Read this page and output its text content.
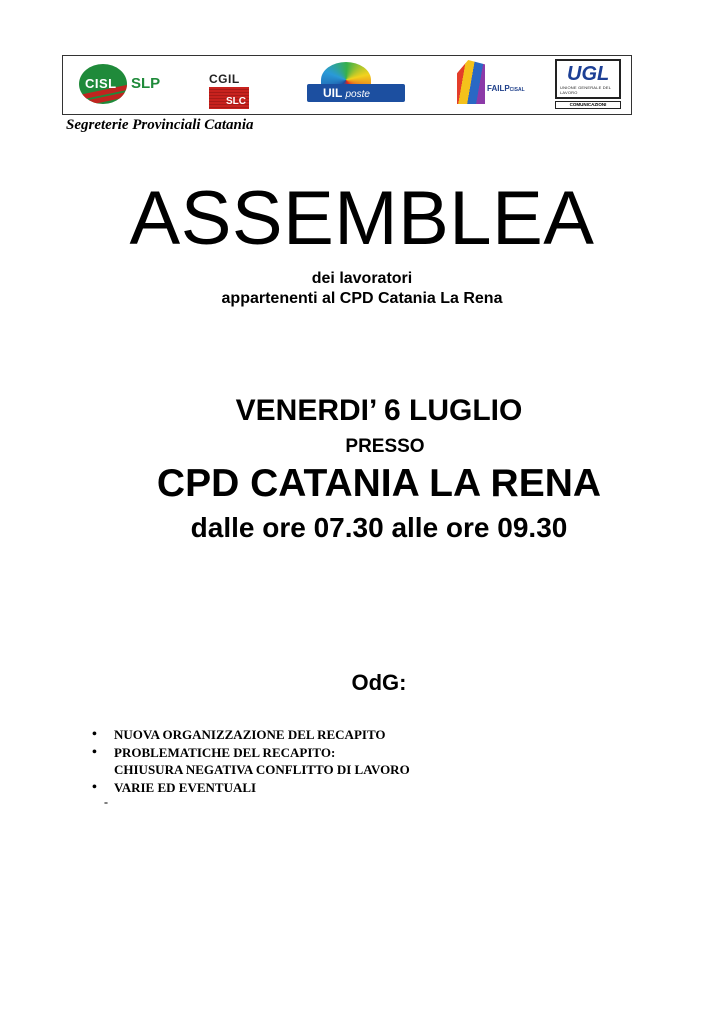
CISL SLP	CGIL
SLC
UIL poste
FAILPCISAL
UGL
UNIONE GENERALE DEL LAVORO
COMUNICAZIONI
Segreterie Provinciali Catania
ASSEMBLEA
dei lavoratori
appartenenti al CPD Catania La Rena
VENERDI’ 6 LUGLIO
PRESSO
CPD CATANIA LA RENA
dalle ore 07.30 alle ore 09.30
OdG:
• NUOVA ORGANIZZAZIONE DEL RECAPITO
• PROBLEMATICHE DEL RECAPITO:
CHIUSURA NEGATIVA CONFLITTO DI LAVORO
• VARIE ED EVENTUALI
-
